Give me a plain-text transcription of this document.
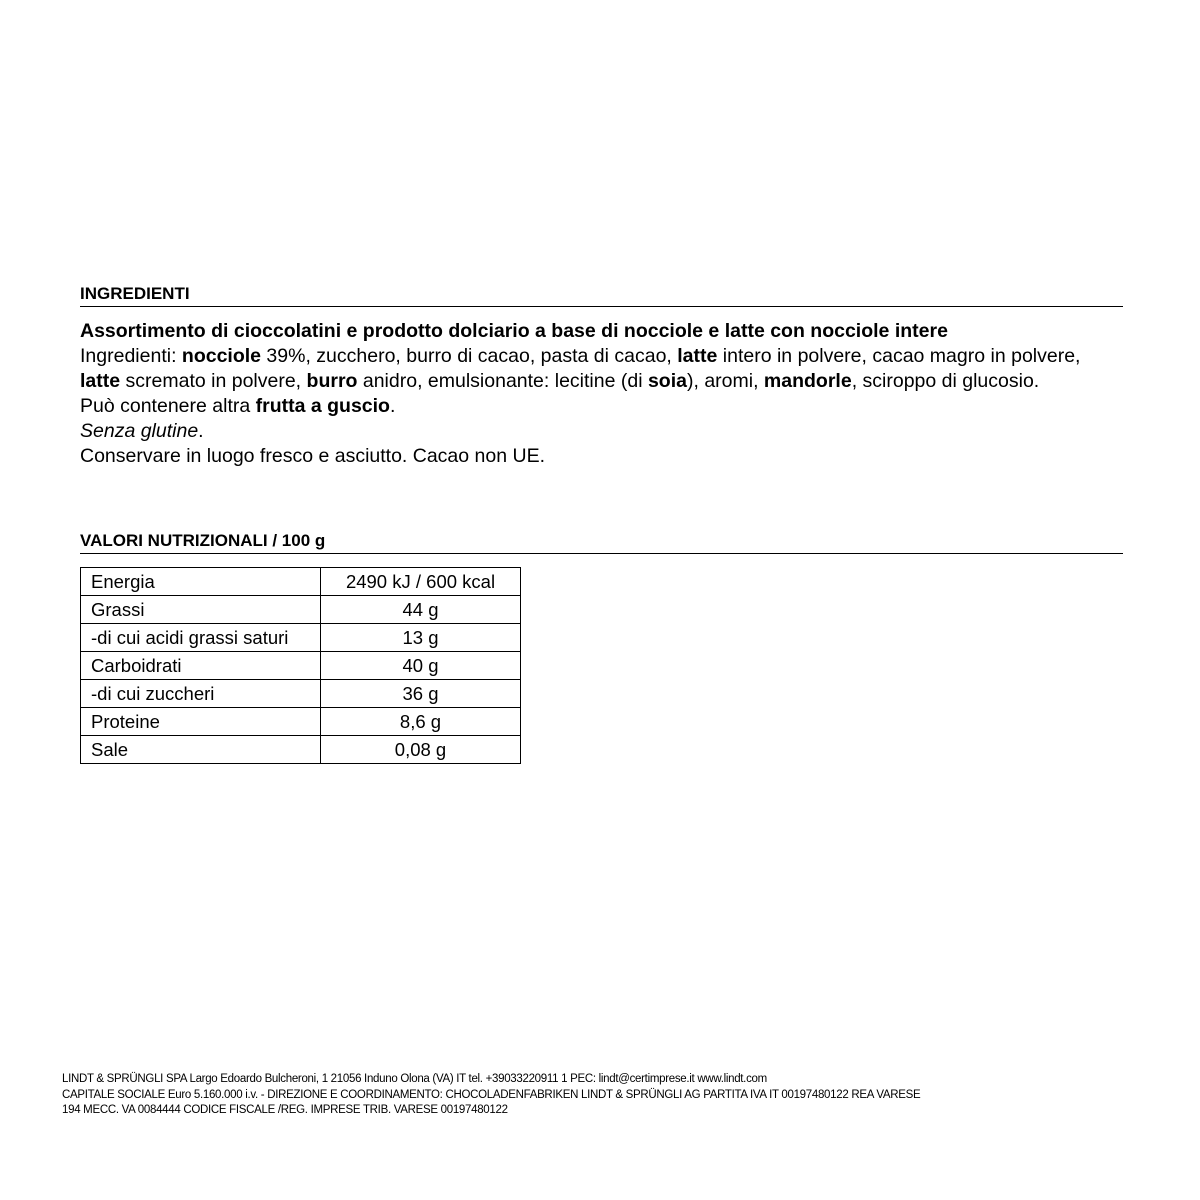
INGREDIENTI

Assortimento di cioccolatini e prodotto dolciario a base di nocciole e latte con nocciole intere

Ingredienti: nocciole 39%, zucchero, burro di cacao, pasta di cacao, latte intero in polvere, cacao magro in polvere, latte scremato in polvere, burro anidro, emulsionante: lecitine (di soia), aromi, mandorle, sciroppo di glucosio.

Può contenere altra frutta a guscio.

Senza glutine.

Conservare in luogo fresco e asciutto. Cacao non UE.

VALORI NUTRIZIONALI / 100 g
Energia	2490 kJ / 600 kcal
Grassi	44 g
-di cui acidi grassi saturi	13 g
Carboidrati	40 g
-di cui zuccheri	36 g
Proteine	8,6 g
Sale	0,08 g

LINDT & SPRÜNGLI SPA Largo Edoardo Bulcheroni, 1 21056 Induno Olona (VA) IT tel. +39033220911 1 PEC: lindt@certimprese.it www.lindt.com

CAPITALE SOCIALE Euro 5.160.000 i.v. - DIREZIONE E COORDINAMENTO: CHOCOLADENFABRIKEN LINDT & SPRÜNGLI AG PARTITA IVA IT 00197480122 REA VARESE

194 MECC. VA 0084444 CODICE FISCALE /REG. IMPRESE TRIB. VARESE 00197480122
